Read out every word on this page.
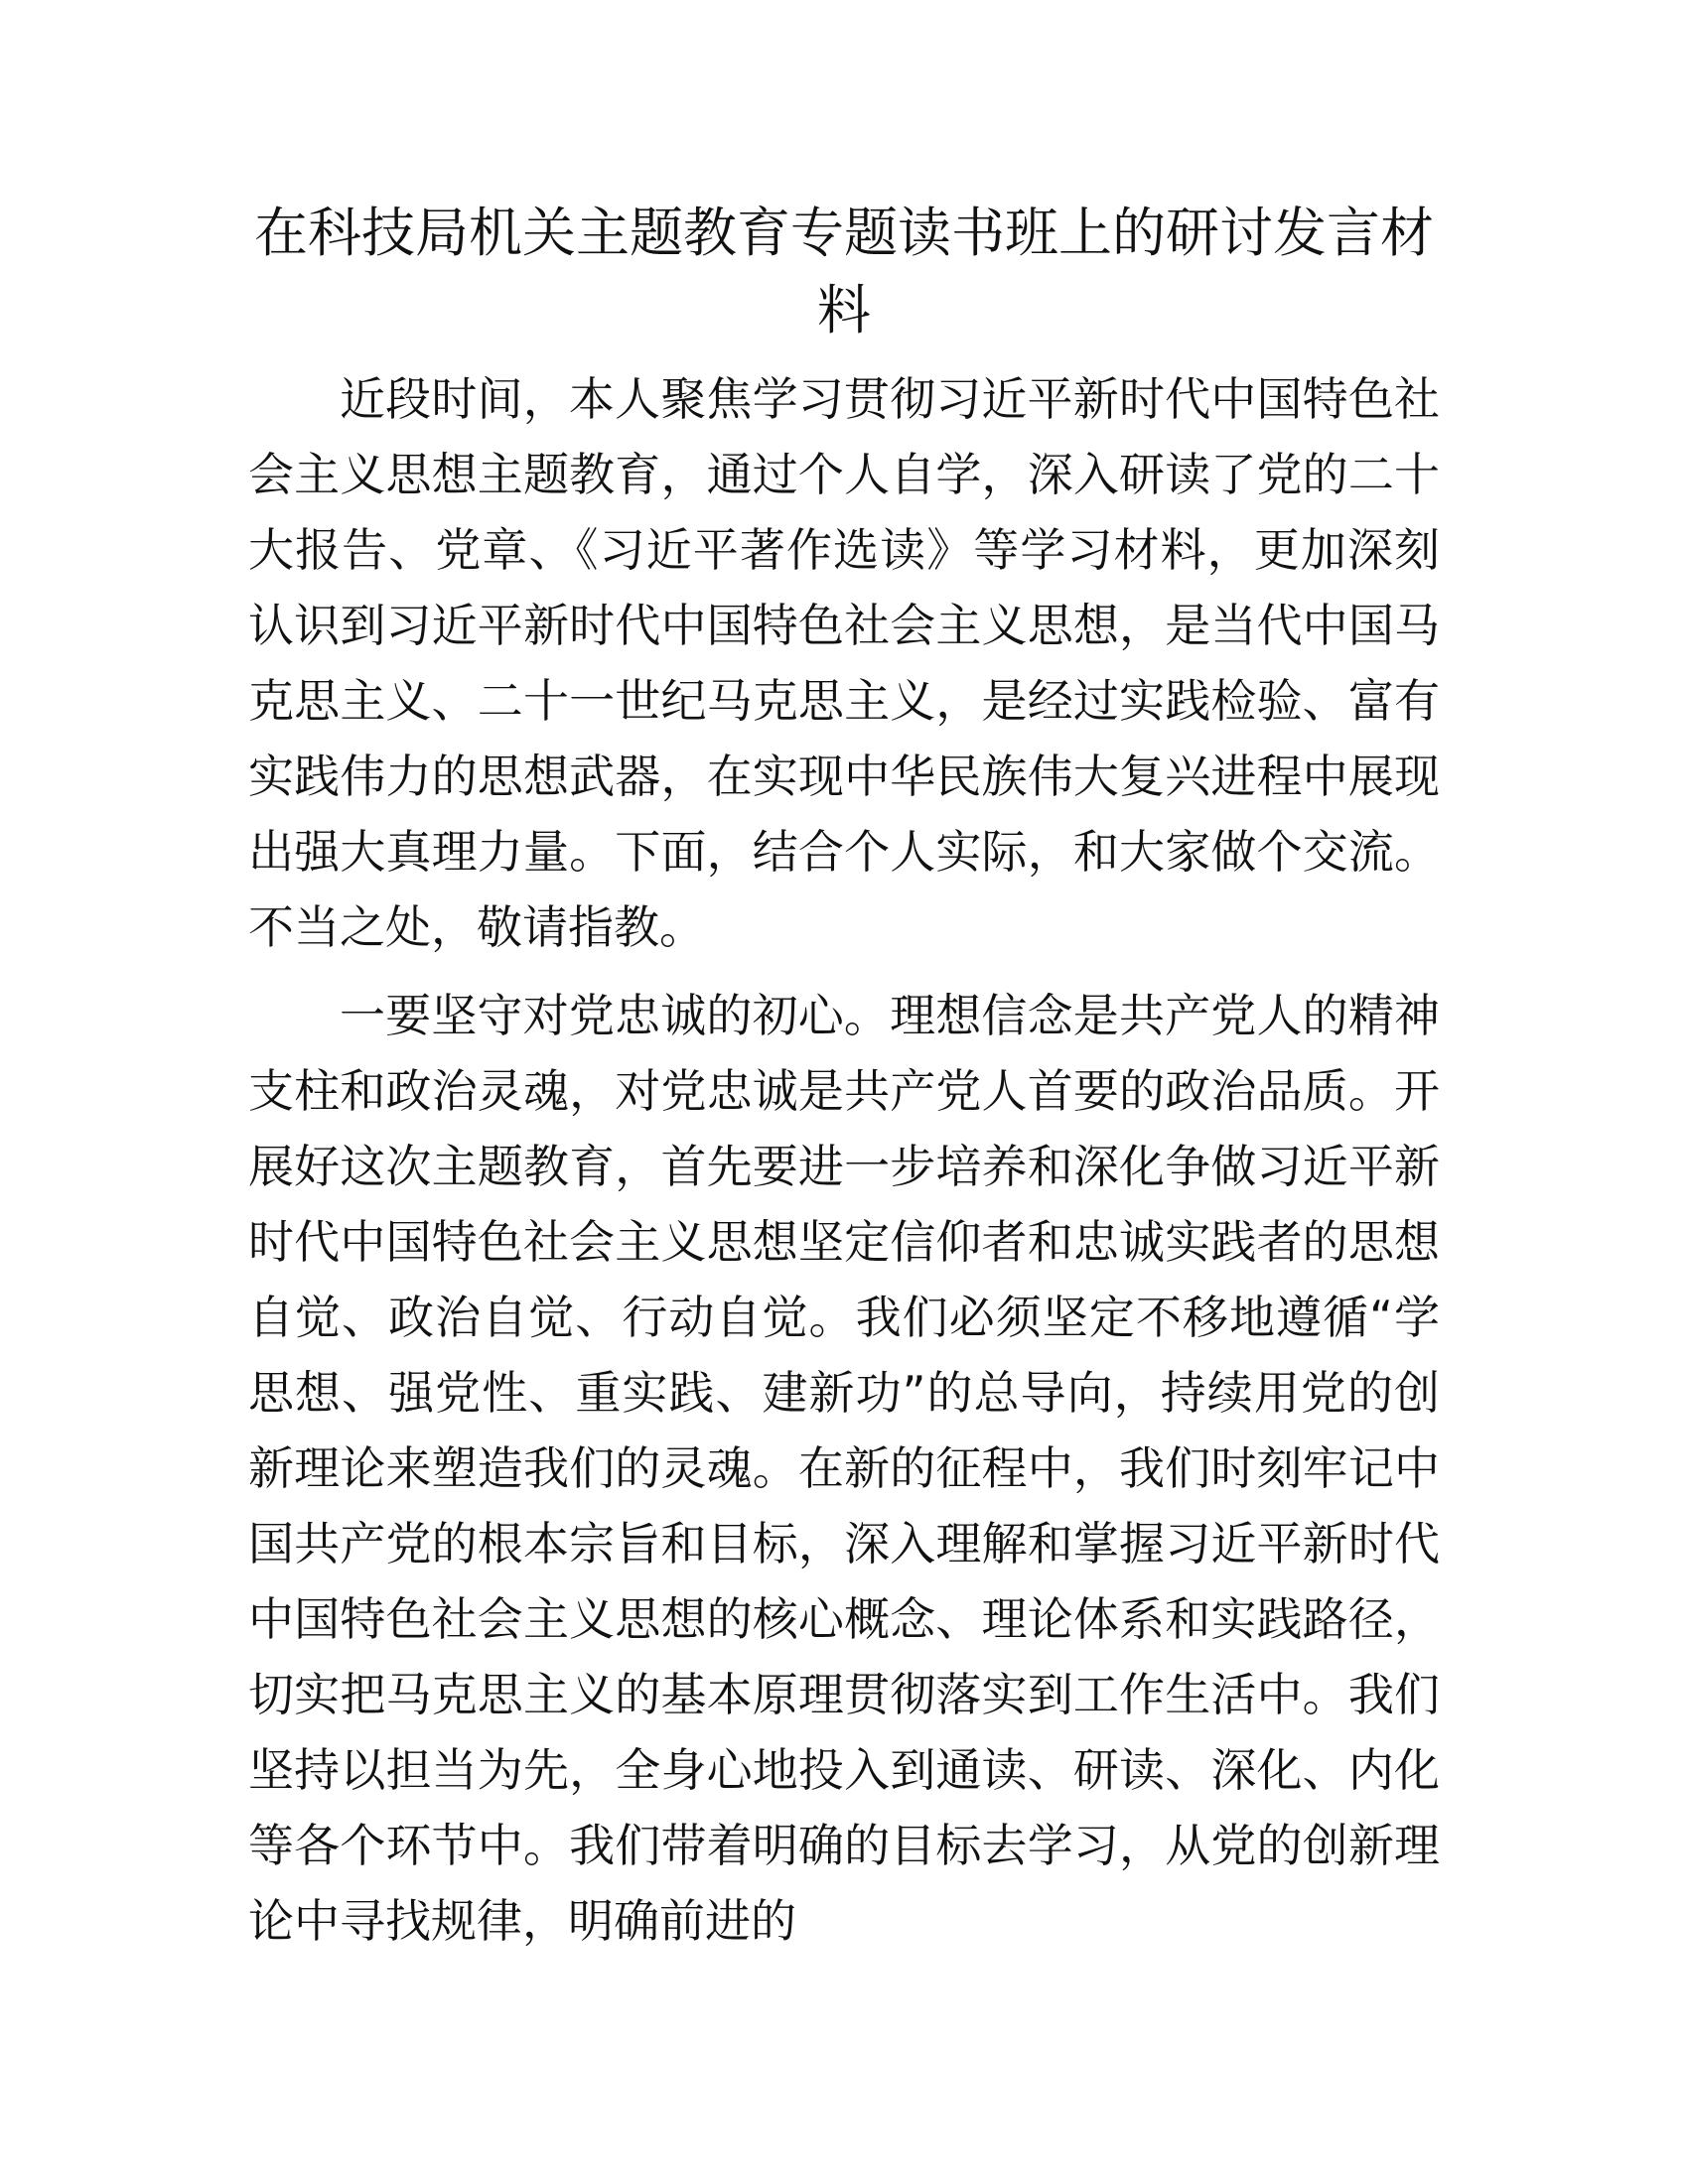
在科技局机关主题教育专题读书班上的研讨发言材料

近段时间，本人聚焦学习贯彻习近平新时代中国特色社会主义思想主题教育，通过个人自学，深入研读了党的二十大报告、党章、《习近平著作选读》等学习材料，更加深刻认识到习近平新时代中国特色社会主义思想，是当代中国马克思主义、二十一世纪马克思主义，是经过实践检验、富有实践伟力的思想武器，在实现中华民族伟大复兴进程中展现出强大真理力量。下面，结合个人实际，和大家做个交流。不当之处，敬请指教。

一要坚守对党忠诚的初心。理想信念是共产党人的精神支柱和政治灵魂，对党忠诚是共产党人首要的政治品质。开展好这次主题教育，首先要进一步培养和深化争做习近平新时代中国特色社会主义思想坚定信仰者和忠诚实践者的思想自觉、政治自觉、行动自觉。我们必须坚定不移地遵循“学思想、强党性、重实践、建新功”的总导向，持续用党的创新理论来塑造我们的灵魂。在新的征程中，我们时刻牢记中国共产党的根本宗旨和目标，深入理解和掌握习近平新时代中国特色社会主义思想的核心概念、理论体系和实践路径，切实把马克思主义的基本原理贯彻落实到工作生活中。我们坚持以担当为先，全身心地投入到通读、研读、深化、内化等各个环节中。我们带着明确的目标去学习，从党的创新理论中寻找规律，明确前进的
